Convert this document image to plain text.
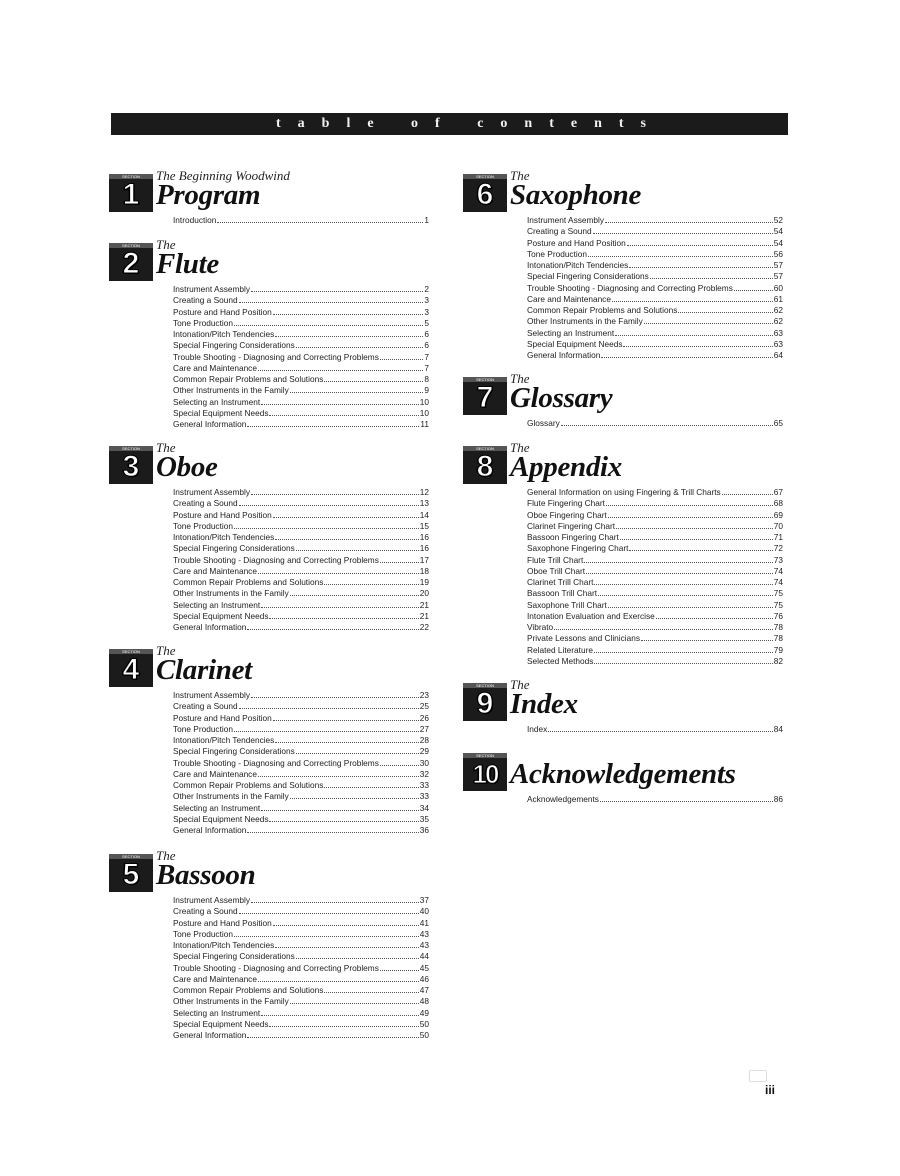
table of contents
SECTION
1
The Beginning Woodwind
Program
Introduction	1
SECTION
2
The
Flute
Instrument Assembly	2
Creating a Sound	3
Posture and Hand Position	3
Tone Production	5
Intonation/Pitch Tendencies	6
Special Fingering Considerations	6
Trouble Shooting - Diagnosing and Correcting Problems	7
Care and Maintenance	7
Common Repair Problems and Solutions	8
Other Instruments in the Family	9
Selecting an Instrument	10
Special Equipment Needs	10
General Information	11
SECTION
3
The
Oboe
Instrument Assembly	12
Creating a Sound	13
Posture and Hand Position	14
Tone Production	15
Intonation/Pitch Tendencies	16
Special Fingering Considerations	16
Trouble Shooting - Diagnosing and Correcting Problems	17
Care and Maintenance	18
Common Repair Problems and Solutions	19
Other Instruments in the Family	20
Selecting an Instrument	21
Special Equipment Needs	21
General Information	22
SECTION
4
The
Clarinet
Instrument Assembly	23
Creating a Sound	25
Posture and Hand Position	26
Tone Production	27
Intonation/Pitch Tendencies	28
Special Fingering Considerations	29
Trouble Shooting - Diagnosing and Correcting Problems	30
Care and Maintenance	32
Common Repair Problems and Solutions	33
Other Instruments in the Family	33
Selecting an Instrument	34
Special Equipment Needs	35
General Information	36
SECTION
5
The
Bassoon
Instrument Assembly	37
Creating a Sound	40
Posture and Hand Position	41
Tone Production	43
Intonation/Pitch Tendencies	43
Special Fingering Considerations	44
Trouble Shooting - Diagnosing and Correcting Problems	45
Care and Maintenance	46
Common Repair Problems and Solutions	47
Other Instruments in the Family	48
Selecting an Instrument	49
Special Equipment Needs	50
General Information	50
SECTION
6
The
Saxophone
Instrument Assembly	52
Creating a Sound	54
Posture and Hand Position	54
Tone Production	56
Intonation/Pitch Tendencies	57
Special Fingering Considerations	57
Trouble Shooting - Diagnosing and Correcting Problems	60
Care and Maintenance	61
Common Repair Problems and Solutions	62
Other Instruments in the Family	62
Selecting an Instrument	63
Special Equipment Needs	63
General Information	64
SECTION
7
The
Glossary
Glossary	65
SECTION
8
The
Appendix
General Information on using Fingering & Trill Charts	67
Flute Fingering Chart	68
Oboe Fingering Chart	69
Clarinet Fingering Chart	70
Bassoon Fingering Chart	71
Saxophone Fingering Chart	72
Flute Trill Chart	73
Oboe Trill Chart	74
Clarinet Trill Chart	74
Bassoon Trill Chart	75
Saxophone Trill Chart	75
Intonation Evaluation and Exercise	76
Vibrato	78
Private Lessons and Clinicians	78
Related Literature	79
Selected Methods	82
SECTION
9
The
Index
Index	84
SECTION
10 Acknowledgements
Acknowledgements	86
iii
